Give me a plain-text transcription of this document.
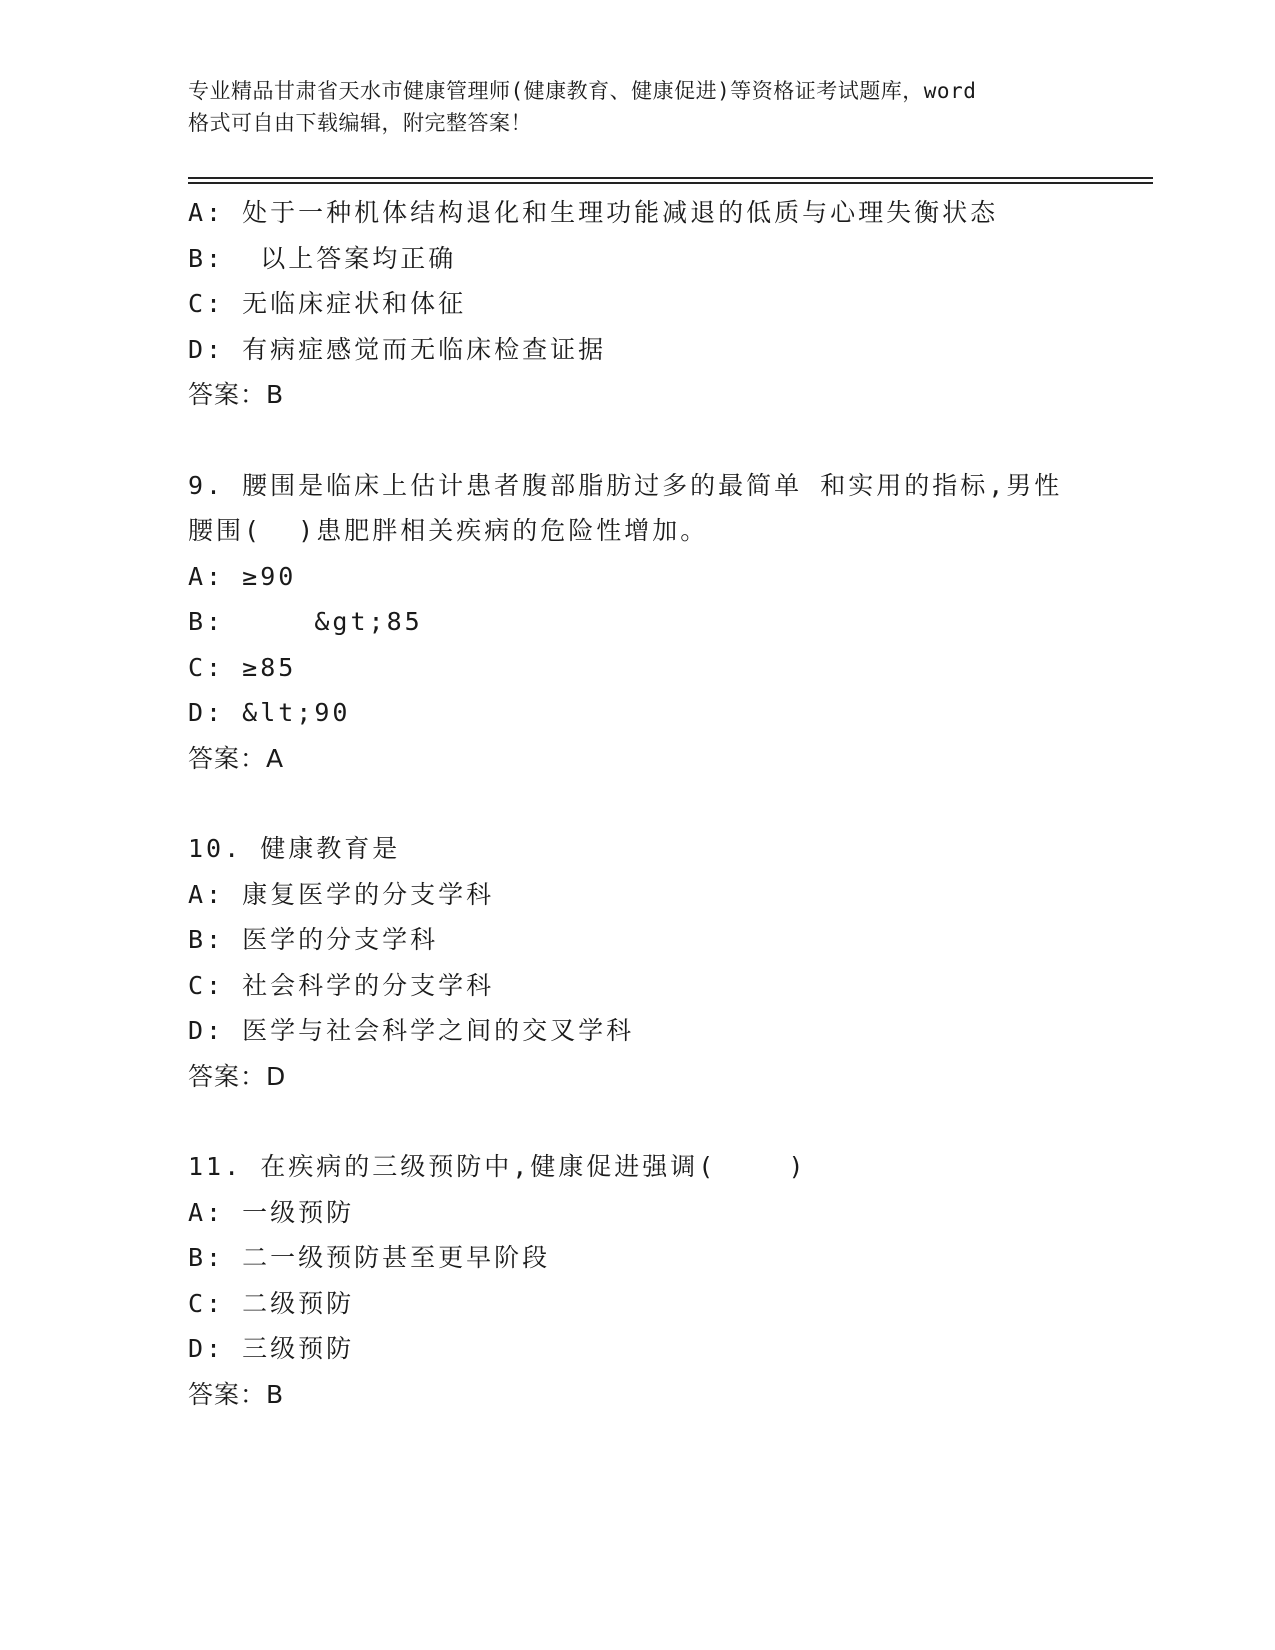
专业精品甘肃省天水市健康管理师(健康教育、健康促进)等资格证考试题库，word
格式可自由下载编辑，附完整答案！
A: 处于一种机体结构退化和生理功能减退的低质与心理失衡状态
B:  以上答案均正确
C: 无临床症状和体征
D: 有病症感觉而无临床检查证据
答案：B
9. 腰围是临床上估计患者腹部脂肪过多的最简单 和实用的指标,男性
腰围(  )患肥胖相关疾病的危险性增加。
A: ≥90
B:     &gt;85
C: ≥85
D: &lt;90
答案：A
10. 健康教育是
A: 康复医学的分支学科
B: 医学的分支学科
C: 社会科学的分支学科
D: 医学与社会科学之间的交叉学科
答案：D
11. 在疾病的三级预防中,健康促进强调(    )
A: 一级预防
B: 二一级预防甚至更早阶段
C: 二级预防
D: 三级预防
答案：B
